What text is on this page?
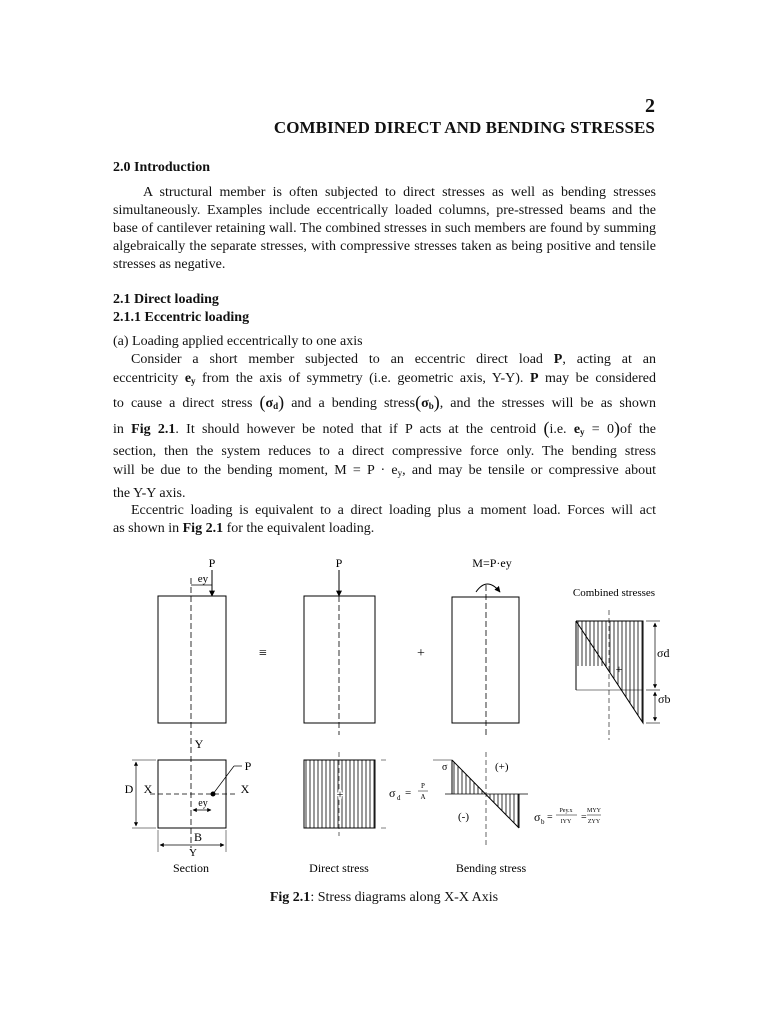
2
COMBINED DIRECT AND BENDING STRESSES
2.0 Introduction

A structural member is often subjected to direct stresses as well as bending stresses simultaneously. Examples include eccentrically loaded columns, pre-stressed beams and the base of cantilever retaining wall. The combined stresses in such members are found by summing algebraically the separate stresses, with compressive stresses taken as being positive and tensile stresses as negative.

2.1 Direct loading
2.1.1 Eccentric loading
(a) Loading applied eccentrically to one axis
Consider a short member subjected to an eccentric direct load P, acting at an
eccentricity $e_y$ from the axis of symmetry (i.e. geometric axis, Y-Y). P may be considered
to cause a direct stress $(\sigma_d)$ and a bending $stress(\sigma_b)$, and the stresses will be as shown
in Fig 2.1. It should however be noted that if P acts at the centroid (i.e. $e_y = 0)of$ the
section, then the system reduces to a direct compressive force only. The bending stress
will be due to the bending moment, $M = P \cdot e_y$, and may be tensile or compressive about
the Y-Y axis.
Eccentric loading is equivalent to a direct loading plus a moment load. Forces will act
as shown in Fig 2.1 for the equivalent loading.
P
ey
≡
P
+
M=P·ey
Combined stresses
+
σd
σb
Y
X	X
P
ey
D
B
Y
Section
+	σ d =
P
A
Direct stress
σ	(+)
(-)	σ b =
Pey.x
IYY =
MYY
ZYY
Bending stress
Fig 2.1: Stress diagrams along X-X Axis
